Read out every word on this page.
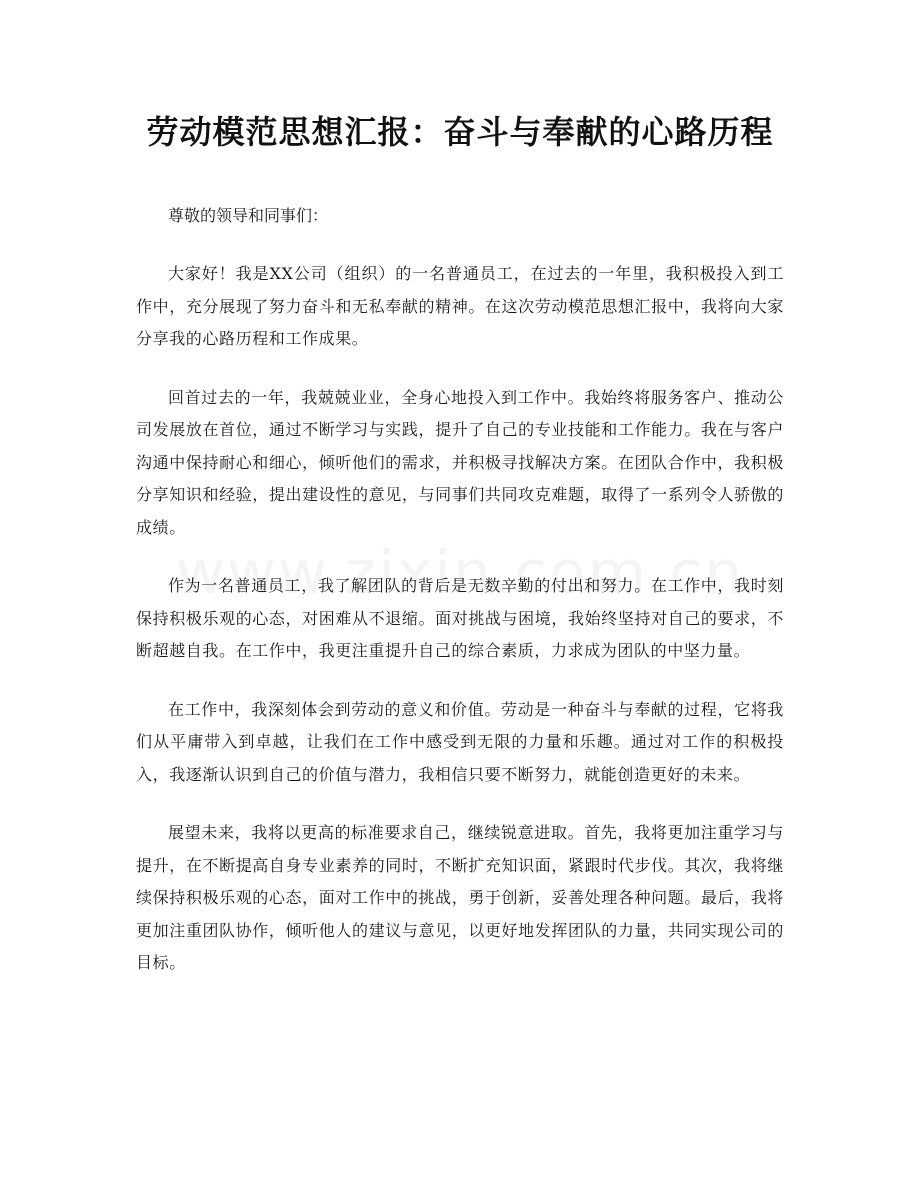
劳动模范思想汇报：奋斗与奉献的心路历程

尊敬的领导和同事们：

大家好！我是XX公司（组织）的一名普通员工，在过去的一年里，我积极投入到工作中，充分展现了努力奋斗和无私奉献的精神。在这次劳动模范思想汇报中，我将向大家分享我的心路历程和工作成果。

回首过去的一年，我兢兢业业，全身心地投入到工作中。我始终将服务客户、推动公司发展放在首位，通过不断学习与实践，提升了自己的专业技能和工作能力。我在与客户沟通中保持耐心和细心，倾听他们的需求，并积极寻找解决方案。在团队合作中，我积极分享知识和经验，提出建设性的意见，与同事们共同攻克难题，取得了一系列令人骄傲的成绩。

作为一名普通员工，我了解团队的背后是无数辛勤的付出和努力。在工作中，我时刻保持积极乐观的心态，对困难从不退缩。面对挑战与困境，我始终坚持对自己的要求，不断超越自我。在工作中，我更注重提升自己的综合素质，力求成为团队的中坚力量。

在工作中，我深刻体会到劳动的意义和价值。劳动是一种奋斗与奉献的过程，它将我们从平庸带入到卓越，让我们在工作中感受到无限的力量和乐趣。通过对工作的积极投入，我逐渐认识到自己的价值与潜力，我相信只要不断努力，就能创造更好的未来。

展望未来，我将以更高的标准要求自己，继续锐意进取。首先，我将更加注重学习与提升，在不断提高自身专业素养的同时，不断扩充知识面，紧跟时代步伐。其次，我将继续保持积极乐观的心态，面对工作中的挑战，勇于创新，妥善处理各种问题。最后，我将更加注重团队协作，倾听他人的建议与意见，以更好地发挥团队的力量，共同实现公司的目标。
